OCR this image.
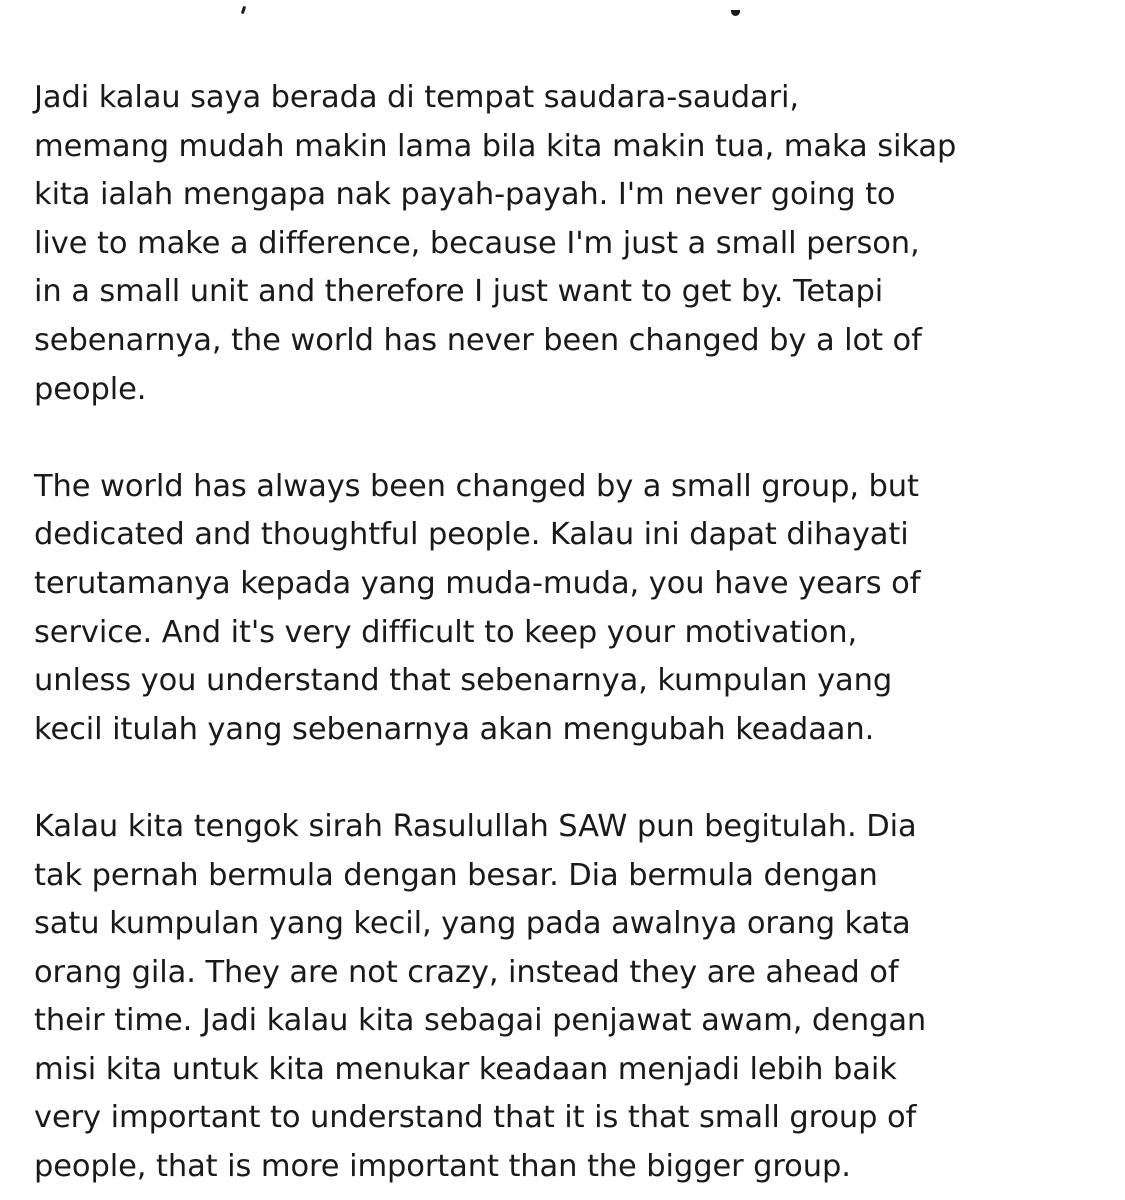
Jadi kalau saya berada di tempat saudara-saudari,
memang mudah makin lama bila kita makin tua, maka sikap
kita ialah mengapa nak payah-payah. I'm never going to
live to make a difference, because I'm just a small person,
in a small unit and therefore I just want to get by. Tetapi
sebenarnya, the world has never been changed by a lot of
people.

The world has always been changed by a small group, but
dedicated and thoughtful people. Kalau ini dapat dihayati
terutamanya kepada yang muda-muda, you have years of
service. And it's very difficult to keep your motivation,
unless you understand that sebenarnya, kumpulan yang
kecil itulah yang sebenarnya akan mengubah keadaan.

Kalau kita tengok sirah Rasulullah SAW pun begitulah. Dia
tak pernah bermula dengan besar. Dia bermula dengan
satu kumpulan yang kecil, yang pada awalnya orang kata
orang gila. They are not crazy, instead they are ahead of
their time. Jadi kalau kita sebagai penjawat awam, dengan
misi kita untuk kita menukar keadaan menjadi lebih baik
very important to understand that it is that small group of
people, that is more important than the bigger group.
